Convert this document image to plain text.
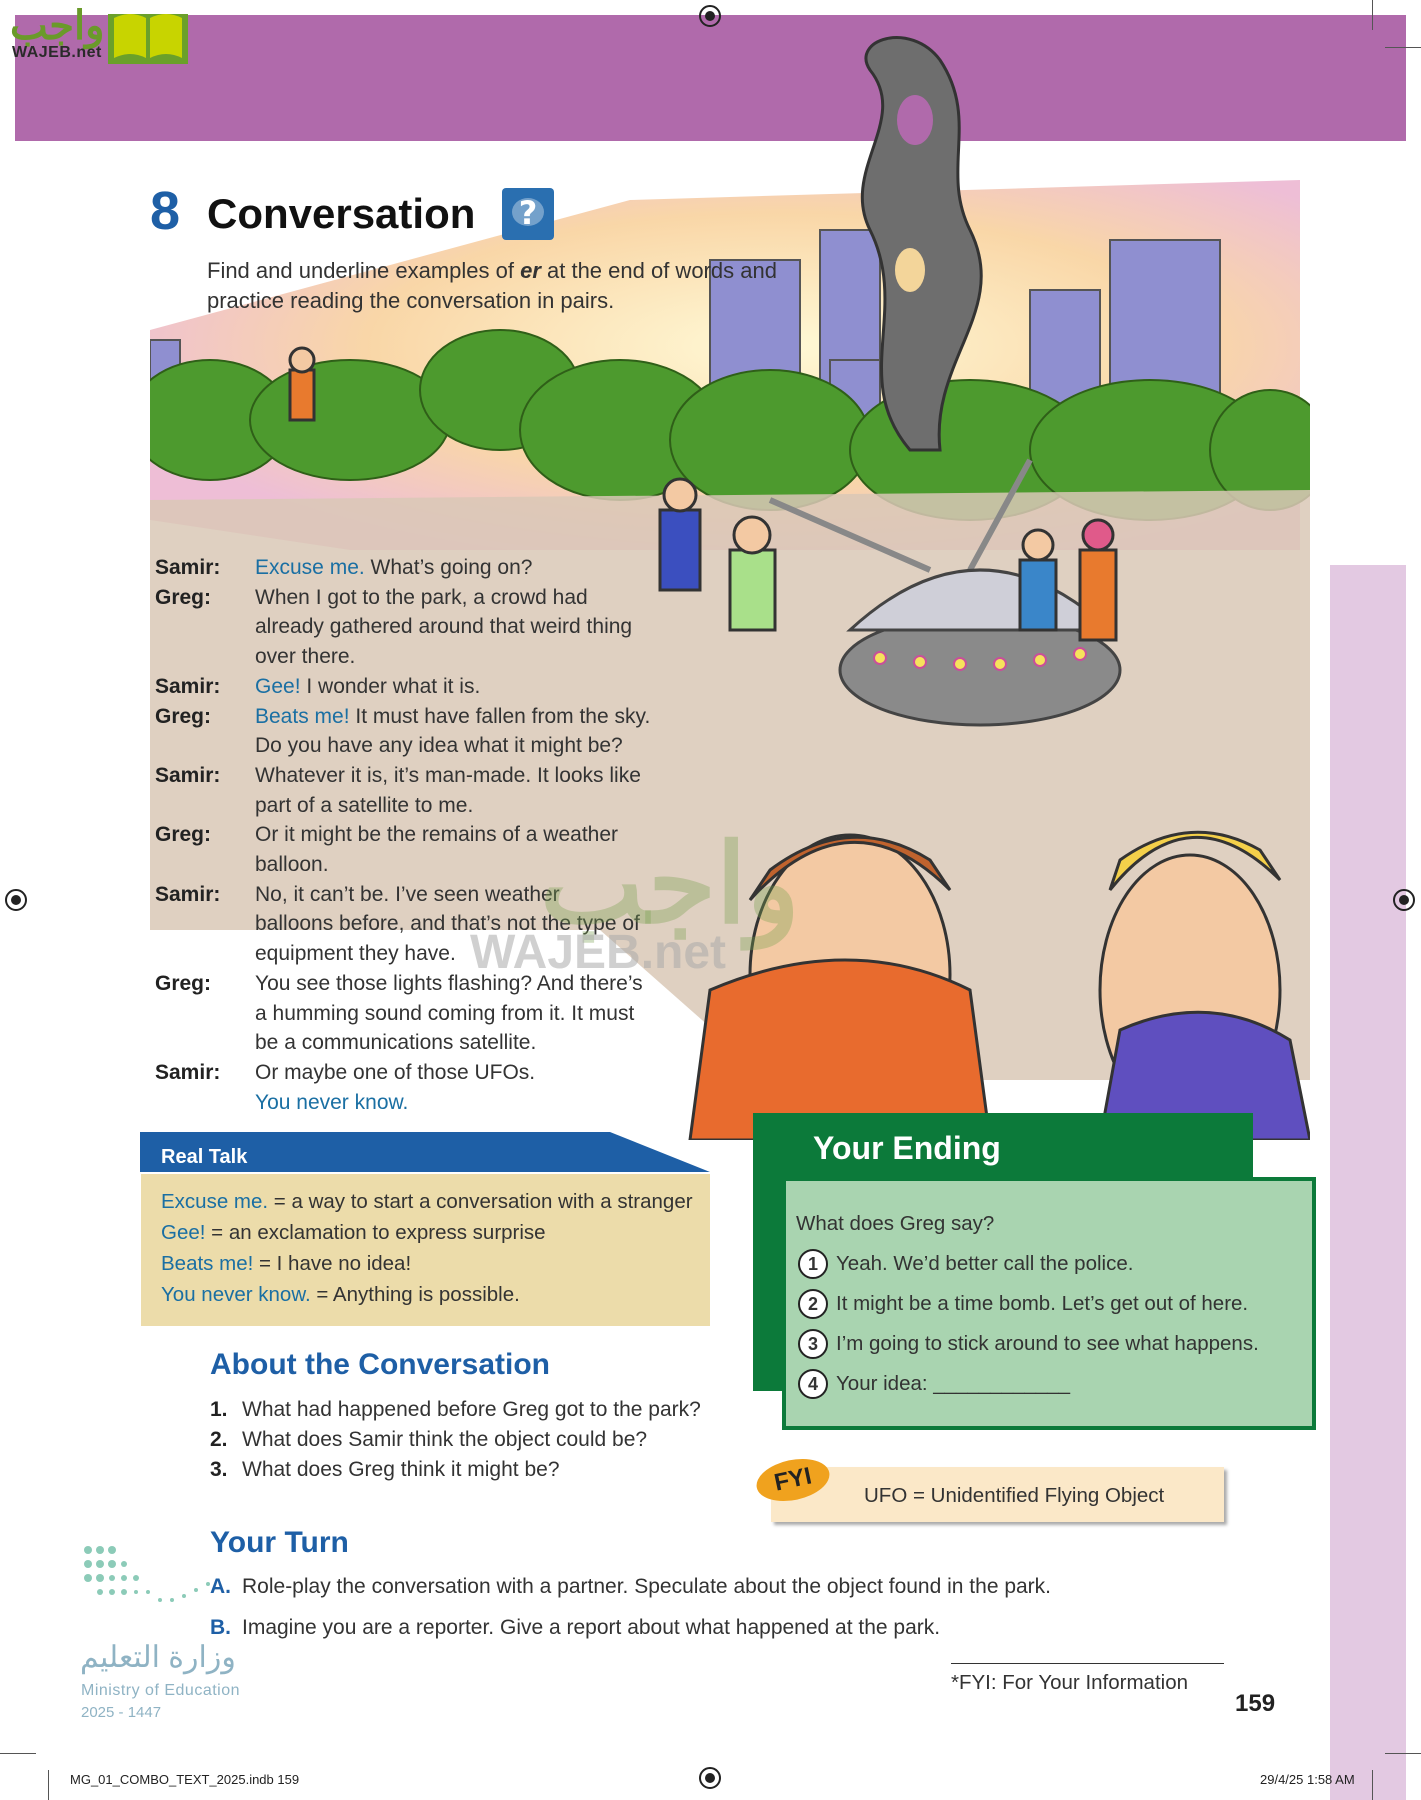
واجب
WAJEB.net
8 Conversation ?
Find and underline examples of er at the end of words and practice reading the conversation in pairs.
Samir:	Excuse me. What’s going on?
Greg:	When I got to the park, a crowd had
already gathered around that weird thing
over there.
Samir:	Gee! I wonder what it is.
Greg:	Beats me! It must have fallen from the sky.
Do you have any idea what it might be?
Samir:	Whatever it is, it’s man-made. It looks like
part of a satellite to me.
Greg:	Or it might be the remains of a weather
balloon.
Samir:	No, it can’t be. I’ve seen weather
balloons before, and that’s not the type of
equipment they have.
Greg:	You see those lights flashing? And there’s
a humming sound coming from it. It must
be a communications satellite.
Samir:	Or maybe one of those UFOs.
You never know.
واجب
WAJEB.net
Real Talk
Excuse me. = a way to start a conversation with a stranger
Gee! = an exclamation to express surprise
Beats me! = I have no idea!
You never know. = Anything is possible.
About the Conversation
1. What had happened before Greg got to the park?
2. What does Samir think the object could be?
3. What does Greg think it might be?
Your Turn
A. Role-play the conversation with a partner. Speculate about the object found in the park.
B. Imagine you are a reporter. Give a report about what happened at the park.
Your Ending
What does Greg say?
1 Yeah. We’d better call the police.
2 It might be a time bomb. Let’s get out of here.
3 I’m going to stick around to see what happens.
4 Your idea: ____________
FYI	UFO = Unidentified Flying Object
*FYI: For Your Information
159
وزارة التعليم
Ministry of Education
2025 - 1447
MG_01_COMBO_TEXT_2025.indb 159	29/4/25 1:58 AM
